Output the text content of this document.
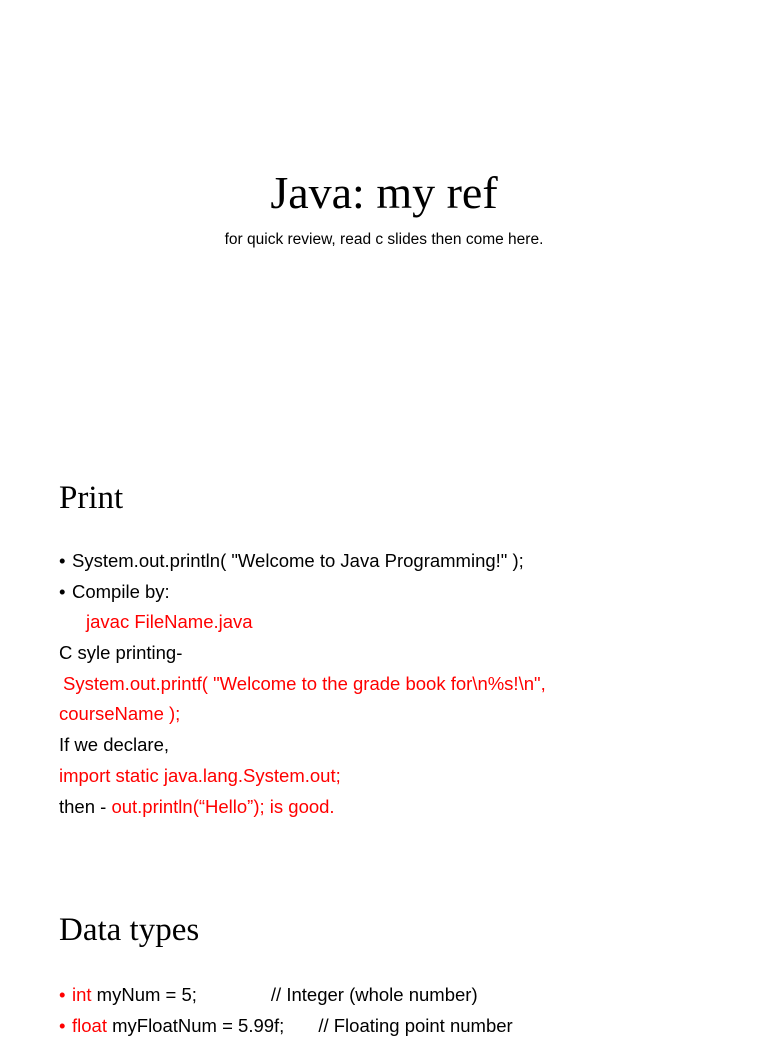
Java: my ref
for quick review, read c slides then come here.
Print
• System.out.println( "Welcome to Java Programming!" );
• Compile by:
javac FileName.java
C syle printing-
System.out.printf( "Welcome to the grade book for\n%s!\n",
courseName );
If we declare,
import static java.lang.System.out;
then - out.println(“Hello”); is good.
Data types
• int myNum = 5;	// Integer (whole number)
• float myFloatNum = 5.99f; // Floating point number
